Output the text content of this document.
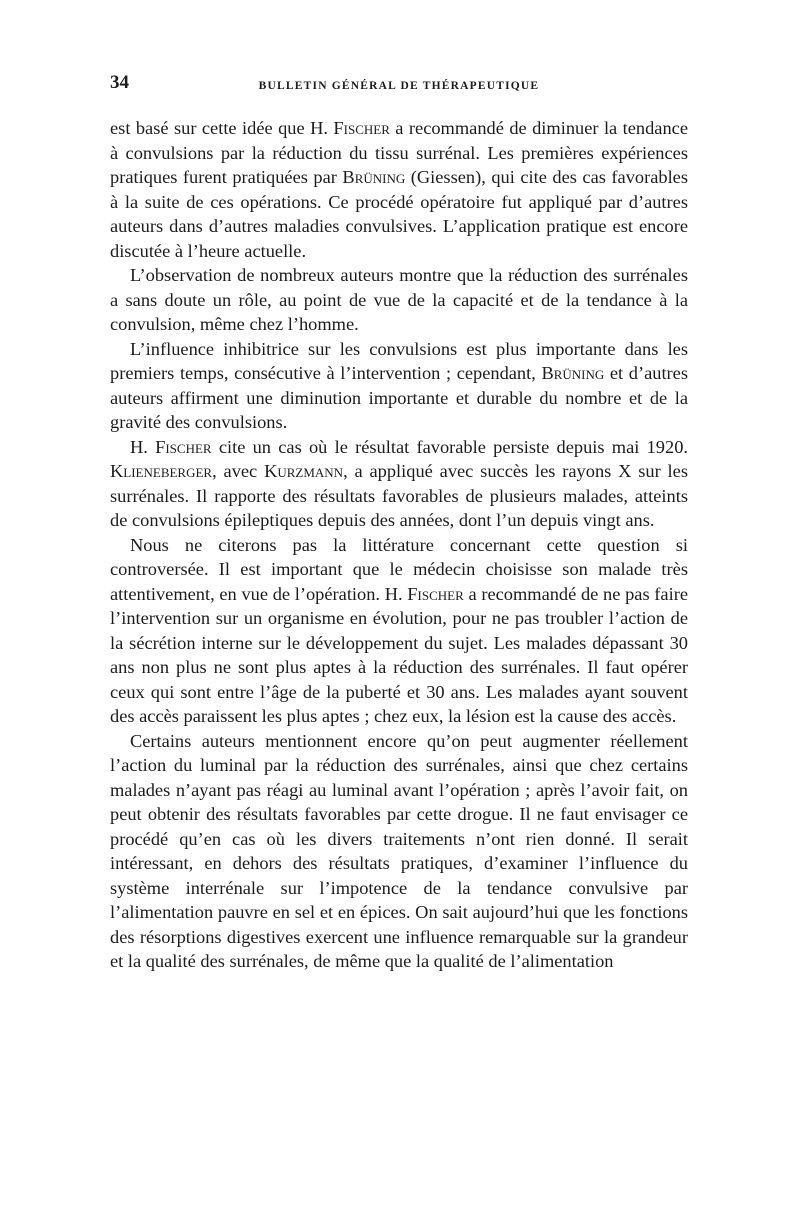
34	BULLETIN GÉNÉRAL DE THÉRAPEUTIQUE

est basé sur cette idée que H. Fischer a recommandé de diminuer la tendance à convulsions par la réduction du tissu surrénal. Les premières expériences pratiques furent pratiquées par Brüning (Giessen), qui cite des cas favorables à la suite de ces opérations. Ce procédé opératoire fut appliqué par d’autres auteurs dans d’autres maladies convulsives. L’application pratique est encore discutée à l’heure actuelle.

L’observation de nombreux auteurs montre que la réduction des surrénales a sans doute un rôle, au point de vue de la capacité et de la tendance à la convulsion, même chez l’homme.

L’influence inhibitrice sur les convulsions est plus importante dans les premiers temps, consécutive à l’intervention ; cependant, Brüning et d’autres auteurs affirment une diminution importante et durable du nombre et de la gravité des convulsions.

H. Fischer cite un cas où le résultat favorable persiste depuis mai 1920. Klieneberger, avec Kurzmann, a appliqué avec succès les rayons X sur les surrénales. Il rapporte des résultats favorables de plusieurs malades, atteints de convulsions épileptiques depuis des années, dont l’un depuis vingt ans.

Nous ne citerons pas la littérature concernant cette question si controversée. Il est important que le médecin choisisse son malade très attentivement, en vue de l’opération. H. Fischer a recommandé de ne pas faire l’intervention sur un organisme en évolution, pour ne pas troubler l’action de la sécrétion interne sur le développement du sujet. Les malades dépassant 30 ans non plus ne sont plus aptes à la réduction des surrénales. Il faut opérer ceux qui sont entre l’âge de la puberté et 30 ans. Les malades ayant souvent des accès paraissent les plus aptes ; chez eux, la lésion est la cause des accès.

Certains auteurs mentionnent encore qu’on peut augmenter réellement l’action du luminal par la réduction des surrénales, ainsi que chez certains malades n’ayant pas réagi au luminal avant l’opération ; après l’avoir fait, on peut obtenir des résultats favorables par cette drogue. Il ne faut envisager ce procédé qu’en cas où les divers traitements n’ont rien donné. Il serait intéressant, en dehors des résultats pratiques, d’examiner l’influence du système interrénale sur l’impotence de la tendance convulsive par l’alimentation pauvre en sel et en épices. On sait aujourd’hui que les fonctions des résorptions digestives exercent une influence remarquable sur la grandeur et la qualité des surrénales, de même que la qualité de l’alimentation
